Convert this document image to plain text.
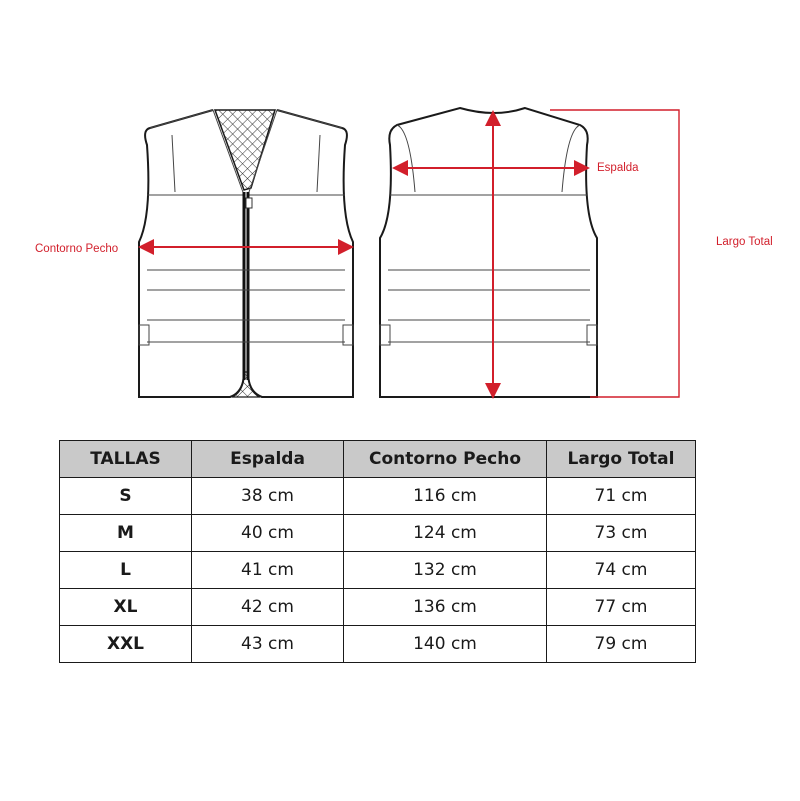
Contorno Pecho
Espalda
Largo Total
TALLAS	Espalda	Contorno Pecho	Largo Total
S	38 cm	116 cm	71 cm
M	40 cm	124 cm	73 cm
L	41 cm	132 cm	74 cm
XL	42 cm	136 cm	77 cm
XXL	43 cm	140 cm	79 cm
